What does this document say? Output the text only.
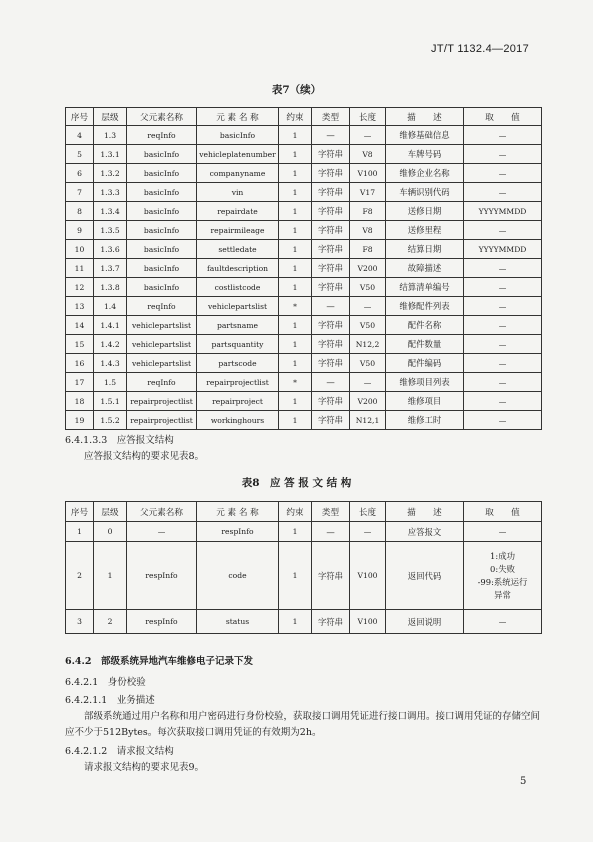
JT/T 1132.4—2017
表7（续）
序号	层级	父元素名称	元 素 名 称	约束	类型	长度	描　　述	取　　值
4	1.3	reqInfo	basicInfo	1	—	—	维修基础信息	—
5	1.3.1	basicInfo	vehicleplatenumber	1	字符串	V8	车牌号码	—
6	1.3.2	basicInfo	companyname	1	字符串	V100	维修企业名称	—
7	1.3.3	basicInfo	vin	1	字符串	V17	车辆识别代码	—
8	1.3.4	basicInfo	repairdate	1	字符串	F8	送修日期	YYYYMMDD
9	1.3.5	basicInfo	repairmileage	1	字符串	V8	送修里程	—
10	1.3.6	basicInfo	settledate	1	字符串	F8	结算日期	YYYYMMDD
11	1.3.7	basicInfo	faultdescription	1	字符串	V200	故障描述	—
12	1.3.8	basicInfo	costlistcode	1	字符串	V50	结算清单编号	—
13	1.4	reqInfo	vehiclepartslist	*	—	—	维修配件列表	—
14	1.4.1	vehiclepartslist	partsname	1	字符串	V50	配件名称	—
15	1.4.2	vehiclepartslist	partsquantity	1	字符串	N12,2	配件数量	—
16	1.4.3	vehiclepartslist	partscode	1	字符串	V50	配件编码	—
17	1.5	reqInfo	repairprojectlist	*	—	—	维修项目列表	—
18	1.5.1	repairprojectlist	repairproject	1	字符串	V200	维修项目	—
19	1.5.2	repairprojectlist	workinghours	1	字符串	N12,1	维修工时	—
6.4.1.3.3　应答报文结构
应答报文结构的要求见表8。
表8　应 答 报 文 结 构
序号	层级	父元素名称	元 素 名 称	约束	类型	长度	描　　述	取　　值
1	0	—	respInfo	1	—	—	应答报文	—
2	1	respInfo	code	1	字符串	V100	返回代码	1:成功
0:失败
-99:系统运行
异常

3	2	respInfo	status	1	字符串	V100	返回说明	—
6.4.2　部级系统异地汽车维修电子记录下发
6.4.2.1　身份校验
6.4.2.1.1　业务描述
部级系统通过用户名称和用户密码进行身份校验，获取接口调用凭证进行接口调用。接口调用凭证的存储空间应不少于512Bytes。每次获取接口调用凭证的有效期为2h。
6.4.2.1.2　请求报文结构
请求报文结构的要求见表9。
5
